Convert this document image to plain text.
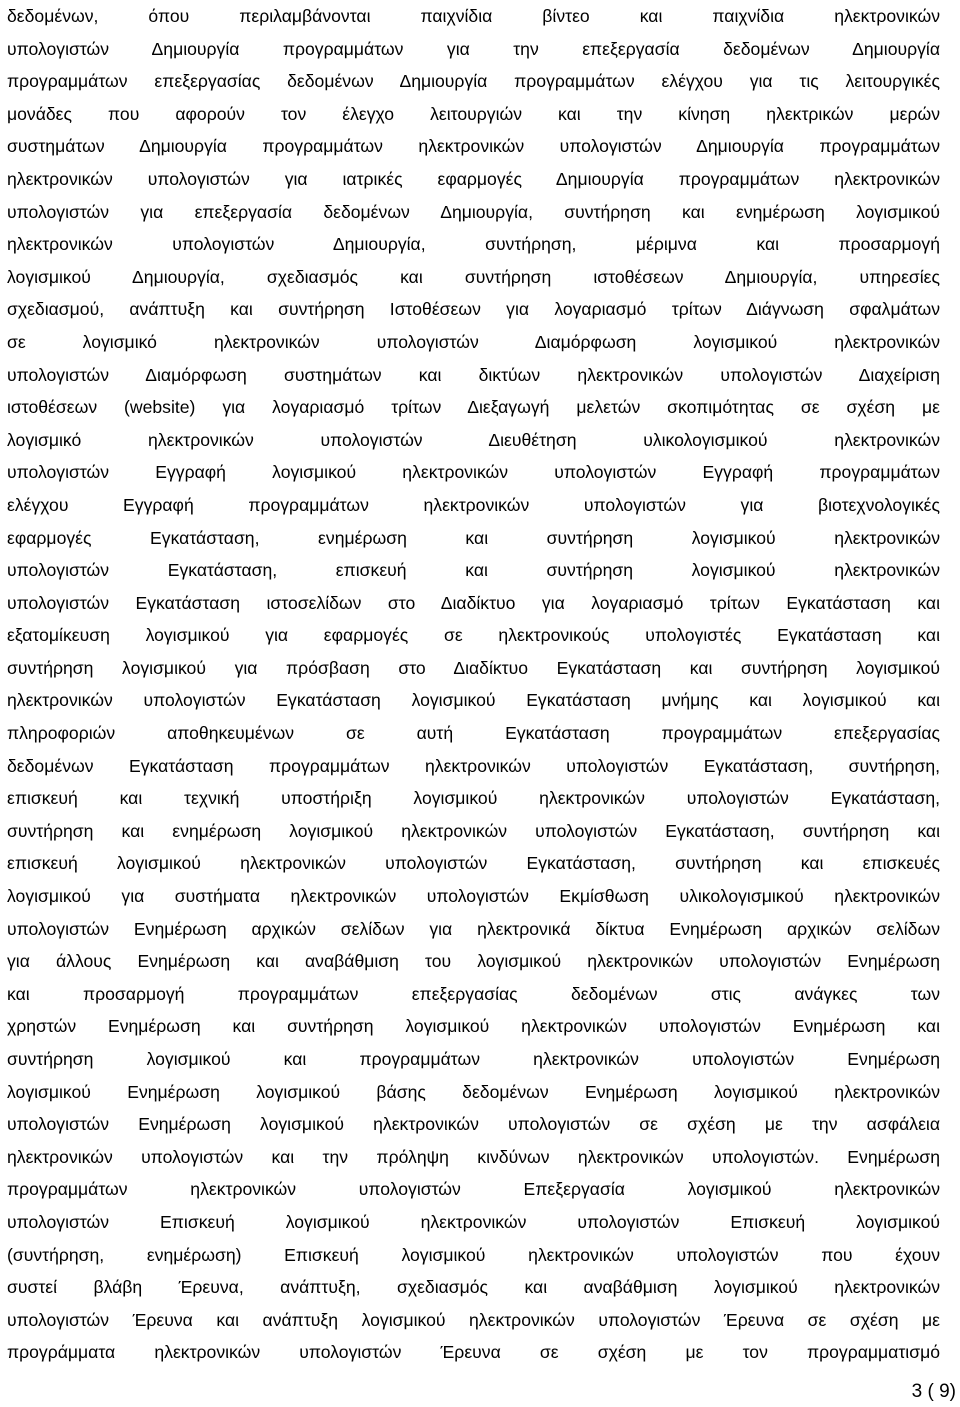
δεδομένων, όπου περιλαμβάνονται παιχνίδια βίντεο και παιχνίδια ηλεκτρονικών
υπολογιστών Δημιουργία προγραμμάτων για την επεξεργασία δεδομένων Δημιουργία
προγραμμάτων επεξεργασίας δεδομένων Δημιουργία προγραμμάτων ελέγχου για τις λειτουργικές
μονάδες που αφορούν τον έλεγχο λειτουργιών και την κίνηση ηλεκτρικών μερών
συστημάτων Δημιουργία προγραμμάτων ηλεκτρονικών υπολογιστών Δημιουργία προγραμμάτων
ηλεκτρονικών υπολογιστών για ιατρικές εφαρμογές Δημιουργία προγραμμάτων ηλεκτρονικών
υπολογιστών για επεξεργασία δεδομένων Δημιουργία, συντήρηση και ενημέρωση λογισμικού
ηλεκτρονικών υπολογιστών Δημιουργία, συντήρηση, μέριμνα και προσαρμογή
λογισμικού Δημιουργία, σχεδιασμός και συντήρηση ιστοθέσεων Δημιουργία, υπηρεσίες
σχεδιασμού, ανάπτυξη και συντήρηση Ιστοθέσεων για λογαριασμό τρίτων Διάγνωση σφαλμάτων
σε λογισμικό ηλεκτρονικών υπολογιστών Διαμόρφωση λογισμικού ηλεκτρονικών
υπολογιστών Διαμόρφωση συστημάτων και δικτύων ηλεκτρονικών υπολογιστών Διαχείριση
ιστοθέσεων (website) για λογαριασμό τρίτων Διεξαγωγή μελετών σκοπιμότητας σε σχέση με
λογισμικό ηλεκτρονικών υπολογιστών Διευθέτηση υλικολογισμικού ηλεκτρονικών
υπολογιστών Εγγραφή λογισμικού ηλεκτρονικών υπολογιστών Εγγραφή προγραμμάτων
ελέγχου Εγγραφή προγραμμάτων ηλεκτρονικών υπολογιστών για βιοτεχνολογικές
εφαρμογές Εγκατάσταση, ενημέρωση και συντήρηση λογισμικού ηλεκτρονικών
υπολογιστών Εγκατάσταση, επισκευή και συντήρηση λογισμικού ηλεκτρονικών
υπολογιστών Εγκατάσταση ιστοσελίδων στο Διαδίκτυο για λογαριασμό τρίτων Εγκατάσταση και
εξατομίκευση λογισμικού για εφαρμογές σε ηλεκτρονικούς υπολογιστές Εγκατάσταση και
συντήρηση λογισμικού για πρόσβαση στο Διαδίκτυο Εγκατάσταση και συντήρηση λογισμικού
ηλεκτρονικών υπολογιστών Εγκατάσταση λογισμικού Εγκατάσταση μνήμης και λογισμικού και
πληροφοριών αποθηκευμένων σε αυτή Εγκατάσταση προγραμμάτων επεξεργασίας
δεδομένων Εγκατάσταση προγραμμάτων ηλεκτρονικών υπολογιστών Εγκατάσταση, συντήρηση,
επισκευή και τεχνική υποστήριξη λογισμικού ηλεκτρονικών υπολογιστών Εγκατάσταση,
συντήρηση και ενημέρωση λογισμικού ηλεκτρονικών υπολογιστών Εγκατάσταση, συντήρηση και
επισκευή λογισμικού ηλεκτρονικών υπολογιστών Εγκατάσταση, συντήρηση και επισκευές
λογισμικού για συστήματα ηλεκτρονικών υπολογιστών Εκμίσθωση υλικολογισμικού ηλεκτρονικών
υπολογιστών Ενημέρωση αρχικών σελίδων για ηλεκτρονικά δίκτυα Ενημέρωση αρχικών σελίδων
για άλλους Ενημέρωση και αναβάθμιση του λογισμικού ηλεκτρονικών υπολογιστών Ενημέρωση
και προσαρμογή προγραμμάτων επεξεργασίας δεδομένων στις ανάγκες των
χρηστών Ενημέρωση και συντήρηση λογισμικού ηλεκτρονικών υπολογιστών Ενημέρωση και
συντήρηση λογισμικού και προγραμμάτων ηλεκτρονικών υπολογιστών Ενημέρωση
λογισμικού Ενημέρωση λογισμικού βάσης δεδομένων Ενημέρωση λογισμικού ηλεκτρονικών
υπολογιστών Ενημέρωση λογισμικού ηλεκτρονικών υπολογιστών σε σχέση με την ασφάλεια
ηλεκτρονικών υπολογιστών και την πρόληψη κινδύνων ηλεκτρονικών υπολογιστών. Ενημέρωση
προγραμμάτων ηλεκτρονικών υπολογιστών Επεξεργασία λογισμικού ηλεκτρονικών
υπολογιστών Επισκευή λογισμικού ηλεκτρονικών υπολογιστών Επισκευή λογισμικού
(συντήρηση, ενημέρωση) Επισκευή λογισμικού ηλεκτρονικών υπολογιστών που έχουν
συστεί βλάβη Έρευνα, ανάπτυξη, σχεδιασμός και αναβάθμιση λογισμικού ηλεκτρονικών
υπολογιστών Έρευνα και ανάπτυξη λογισμικού ηλεκτρονικών υπολογιστών Έρευνα σε σχέση με
προγράμματα ηλεκτρονικών υπολογιστών Έρευνα σε σχέση με τον προγραμματισμό
3 ( 9)
